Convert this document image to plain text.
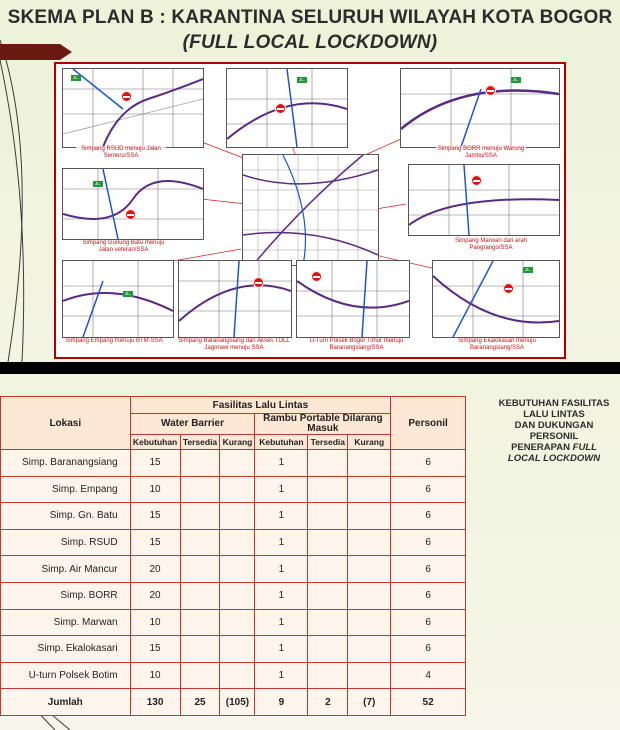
SKEMA PLAN B : KARANTINA SELURUH WILAYAH KOTA BOGOR
(FULL LOCAL LOCKDOWN)
JL.
Simpang RSUD menuju Jalan Semeru/SSA
JL.	JL.
Simpang BORR menuju Warung Jambu/SSA
JL.
Simpang Gunung Batu menuju Jalan veteran/SSA
Simpang Marwan dari arah Pangrango/SSA
JL.
Simpang Empang menuju BTM-SSA	Simpang Baranangsiang dari Akses TOLL Jagorawi menuju SSA
U-Turn Polsek Bogor Timur menuju Baranangsiang/SSA
JL.
Simpang Ekalokasari menuju Baranangsiang/SSA
Lokasi	Fasilitas Lalu Lintas						Personil
	Water Barrier			Rambu Portable Dilarang Masuk			
	Kebutuhan	Tersedia	Kurang	Kebutuhan	Tersedia	Kurang	
Simp. Baranangsiang	15			1			6
Simp. Empang	10			1			6
Simp. Gn. Batu	15			1			6
Simp. RSUD	15			1			6
Simp. Air Mancur	20			1			6
Simp. BORR	20			1			6
Simp. Marwan	10			1			6
Simp. Ekalokasari	15			1			6
U-turn Polsek Botim	10			1			4
Jumlah	130	25	(105)	9	2	(7)	52
KEBUTUHAN FASILITAS
LALU LINTAS
DAN DUKUNGAN
PERSONIL
PENERAPAN FULL
LOCAL LOCKDOWN
